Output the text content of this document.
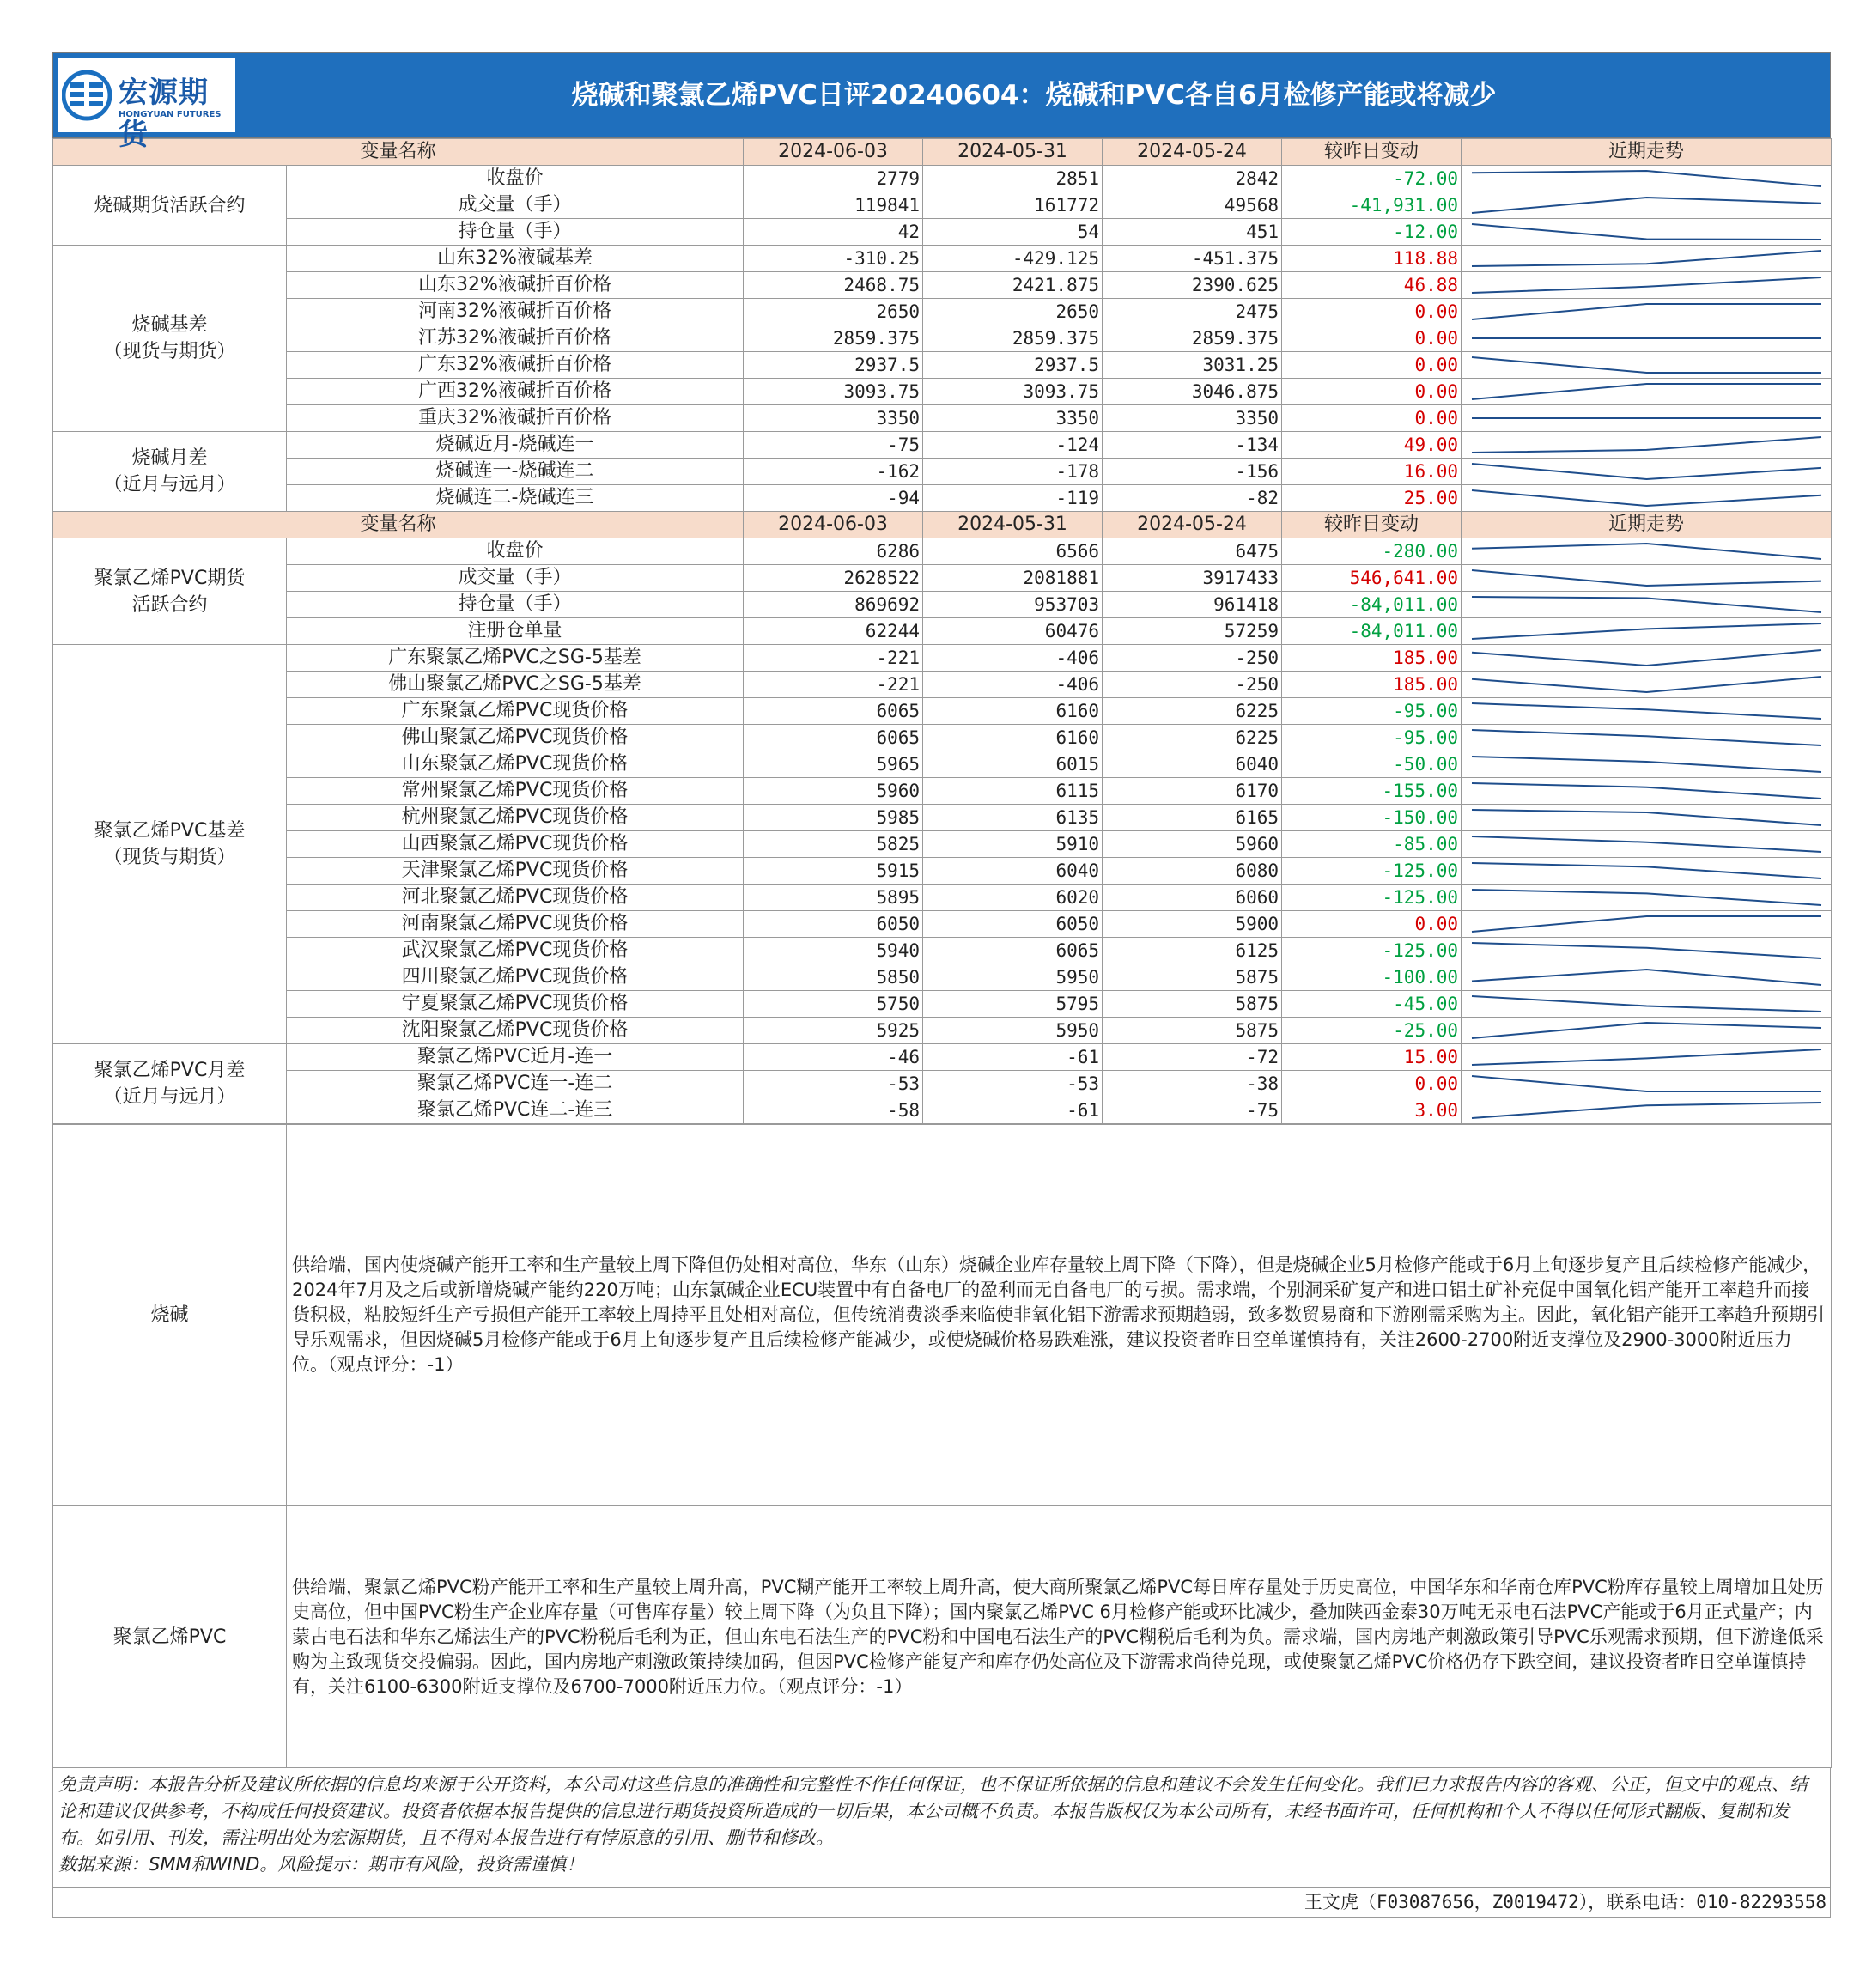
宏源期货
HONGYUAN FUTURES
烧碱和聚氯乙烯PVC日评20240604：烧碱和PVC各自6月检修产能或将减少
变量名称		2024-06-03	2024-05-31	2024-05-24	较昨日变动	近期走势

烧碱期货活跃合约	收盘价	2779	2851	2842	-72.00	

	成交量（手）	119841	161772	49568	-41,931.00	

	持仓量（手）	42	54	451	-12.00	

烧碱基差
（现货与期货）	山东32%液碱基差	-310.25	-429.125	-451.375	118.88	

	山东32%液碱折百价格	2468.75	2421.875	2390.625	46.88	

	河南32%液碱折百价格	2650	2650	2475	0.00	

	江苏32%液碱折百价格	2859.375	2859.375	2859.375	0.00	

	广东32%液碱折百价格	2937.5	2937.5	3031.25	0.00	

	广西32%液碱折百价格	3093.75	3093.75	3046.875	0.00	

	重庆32%液碱折百价格	3350	3350	3350	0.00	

烧碱月差
（近月与远月）	烧碱近月-烧碱连一	-75	-124	-134	49.00	

	烧碱连一-烧碱连二	-162	-178	-156	16.00	

	烧碱连二-烧碱连三	-94	-119	-82	25.00	

变量名称		2024-06-03	2024-05-31	2024-05-24	较昨日变动	近期走势

聚氯乙烯PVC期货
活跃合约	收盘价	6286	6566	6475	-280.00	

	成交量（手）	2628522	2081881	3917433	546,641.00	

	持仓量（手）	869692	953703	961418	-84,011.00	

	注册仓单量	62244	60476	57259	-84,011.00	

聚氯乙烯PVC基差
（现货与期货）	广东聚氯乙烯PVC之SG-5基差	-221	-406	-250	185.00	

	佛山聚氯乙烯PVC之SG-5基差	-221	-406	-250	185.00	

	广东聚氯乙烯PVC现货价格	6065	6160	6225	-95.00	

	佛山聚氯乙烯PVC现货价格	6065	6160	6225	-95.00	

	山东聚氯乙烯PVC现货价格	5965	6015	6040	-50.00	

	常州聚氯乙烯PVC现货价格	5960	6115	6170	-155.00	

	杭州聚氯乙烯PVC现货价格	5985	6135	6165	-150.00	

	山西聚氯乙烯PVC现货价格	5825	5910	5960	-85.00	

	天津聚氯乙烯PVC现货价格	5915	6040	6080	-125.00	

	河北聚氯乙烯PVC现货价格	5895	6020	6060	-125.00	

	河南聚氯乙烯PVC现货价格	6050	6050	5900	0.00	

	武汉聚氯乙烯PVC现货价格	5940	6065	6125	-125.00	

	四川聚氯乙烯PVC现货价格	5850	5950	5875	-100.00	

	宁夏聚氯乙烯PVC现货价格	5750	5795	5875	-45.00	

	沈阳聚氯乙烯PVC现货价格	5925	5950	5875	-25.00	

聚氯乙烯PVC月差
（近月与远月）	聚氯乙烯PVC近月-连一	-46	-61	-72	15.00	

	聚氯乙烯PVC连一-连二	-53	-53	-38	0.00	

	聚氯乙烯PVC连二-连三	-58	-61	-75	3.00	
烧碱	供给端，国内使烧碱产能开工率和生产量较上周下降但仍处相对高位，华东（山东）烧碱企业库存量较上周下降（下降），但是烧碱企业5月检修产能或于6月上旬逐步复产且后续检修产能减少，2024年7月及之后或新增烧碱产能约220万吨；山东氯碱企业ECU装置中有自备电厂的盈利而无自备电厂的亏损。需求端，个别洞采矿复产和进口铝土矿补充促中国氧化铝产能开工率趋升而接货积极，粘胶短纤生产亏损但产能开工率较上周持平且处相对高位，但传统消费淡季来临使非氧化铝下游需求预期趋弱，致多数贸易商和下游刚需采购为主。因此，氧化铝产能开工率趋升预期引导乐观需求，但因烧碱5月检修产能或于6月上旬逐步复产且后续检修产能减少，或使烧碱价格易跌难涨，建议投资者昨日空单谨慎持有，关注2600-2700附近支撑位及2900-3000附近压力位。（观点评分：-1）
聚氯乙烯PVC	供给端，聚氯乙烯PVC粉产能开工率和生产量较上周升高，PVC糊产能开工率较上周升高，使大商所聚氯乙烯PVC每日库存量处于历史高位，中国华东和华南仓库PVC粉库存量较上周增加且处历史高位，但中国PVC粉生产企业库存量（可售库存量）较上周下降（为负且下降）；国内聚氯乙烯PVC 6月检修产能或环比减少，叠加陕西金泰30万吨无汞电石法PVC产能或于6月正式量产；内蒙古电石法和华东乙烯法生产的PVC粉税后毛利为正，但山东电石法生产的PVC粉和中国电石法生产的PVC糊税后毛利为负。需求端，国内房地产刺激政策引导PVC乐观需求预期，但下游逢低采购为主致现货交投偏弱。因此，国内房地产刺激政策持续加码，但因PVC检修产能复产和库存仍处高位及下游需求尚待兑现，或使聚氯乙烯PVC价格仍存下跌空间，建议投资者昨日空单谨慎持有，关注6100-6300附近支撑位及6700-7000附近压力位。（观点评分：-1）
免责声明：本报告分析及建议所依据的信息均来源于公开资料，本公司对这些信息的准确性和完整性不作任何保证，也不保证所依据的信息和建议不会发生任何变化。我们已力求报告内容的客观、公正，但文中的观点、结论和建议仅供参考，不构成任何投资建议。投资者依据本报告提供的信息进行期货投资所造成的一切后果，本公司概不负责。本报告版权仅为本公司所有，未经书面许可，任何机构和个人不得以任何形式翻版、复制和发布。如引用、刊发，需注明出处为宏源期货，且不得对本报告进行有悖原意的引用、删节和修改。
数据来源：SMM和WIND。风险提示：期市有风险，投资需谨慎！
王文虎（F03087656，Z0019472），联系电话：010-82293558
